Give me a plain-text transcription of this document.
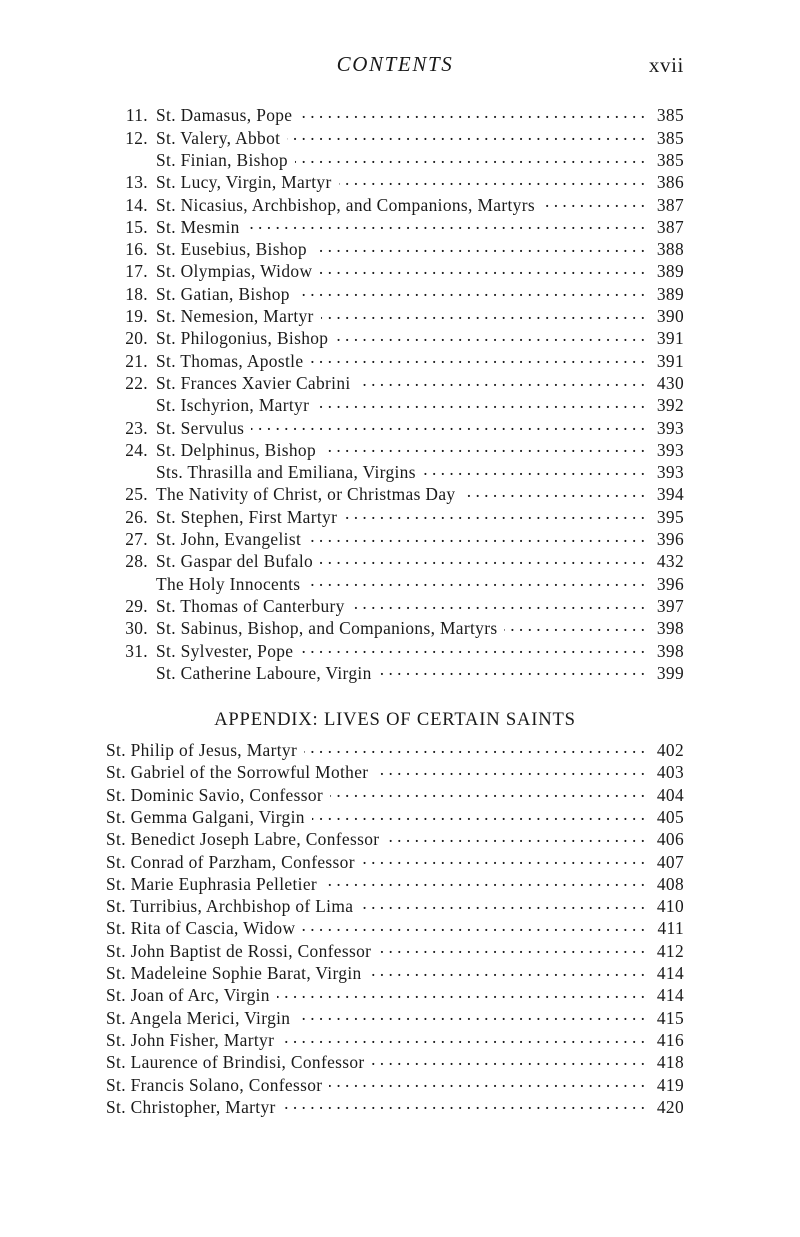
CONTENTS	xvii
11. St. Damasus, Pope . . .	385
12. St. Valery, Abbot . . .	385
St. Finian, Bishop . . .	385
13. St. Lucy, Virgin, Martyr . . .	386
14. St. Nicasius, Archbishop, and Companions, Martyrs . . .	387
15. St. Mesmin . . .	387
16. St. Eusebius, Bishop . . .	388
17. St. Olympias, Widow . . .	389
18. St. Gatian, Bishop . . .	389
19. St. Nemesion, Martyr . . .	390
20. St. Philogonius, Bishop . . .	391
21. St. Thomas, Apostle . . .	391
22. St. Frances Xavier Cabrini . . .	430
St. Ischyrion, Martyr . . .	392
23. St. Servulus . . .	393
24. St. Delphinus, Bishop . . .	393
Sts. Thrasilla and Emiliana, Virgins . . .	393
25. The Nativity of Christ, or Christmas Day . . .	394
26. St. Stephen, First Martyr . . .	395
27. St. John, Evangelist . . .	396
28. St. Gaspar del Bufalo . . .	432
The Holy Innocents . . .	396
29. St. Thomas of Canterbury . . .	397
30. St. Sabinus, Bishop, and Companions, Martyrs . . .	398
31. St. Sylvester, Pope . . .	398
St. Catherine Laboure, Virgin . . .	399
APPENDIX: LIVES OF CERTAIN SAINTS
St. Philip of Jesus, Martyr . . .	402
St. Gabriel of the Sorrowful Mother . . .	403
St. Dominic Savio, Confessor . . .	404
St. Gemma Galgani, Virgin . . .	405
St. Benedict Joseph Labre, Confessor . . .	406
St. Conrad of Parzham, Confessor . . .	407
St. Marie Euphrasia Pelletier . . .	408
St. Turribius, Archbishop of Lima . . .	410
St. Rita of Cascia, Widow . . .	411
St. John Baptist de Rossi, Confessor . . .	412
St. Madeleine Sophie Barat, Virgin . . .	414
St. Joan of Arc, Virgin . . .	414
St. Angela Merici, Virgin . . .	415
St. John Fisher, Martyr . . .	416
St. Laurence of Brindisi, Confessor . . .	418
St. Francis Solano, Confessor . . .	419
St. Christopher, Martyr . . .	420
